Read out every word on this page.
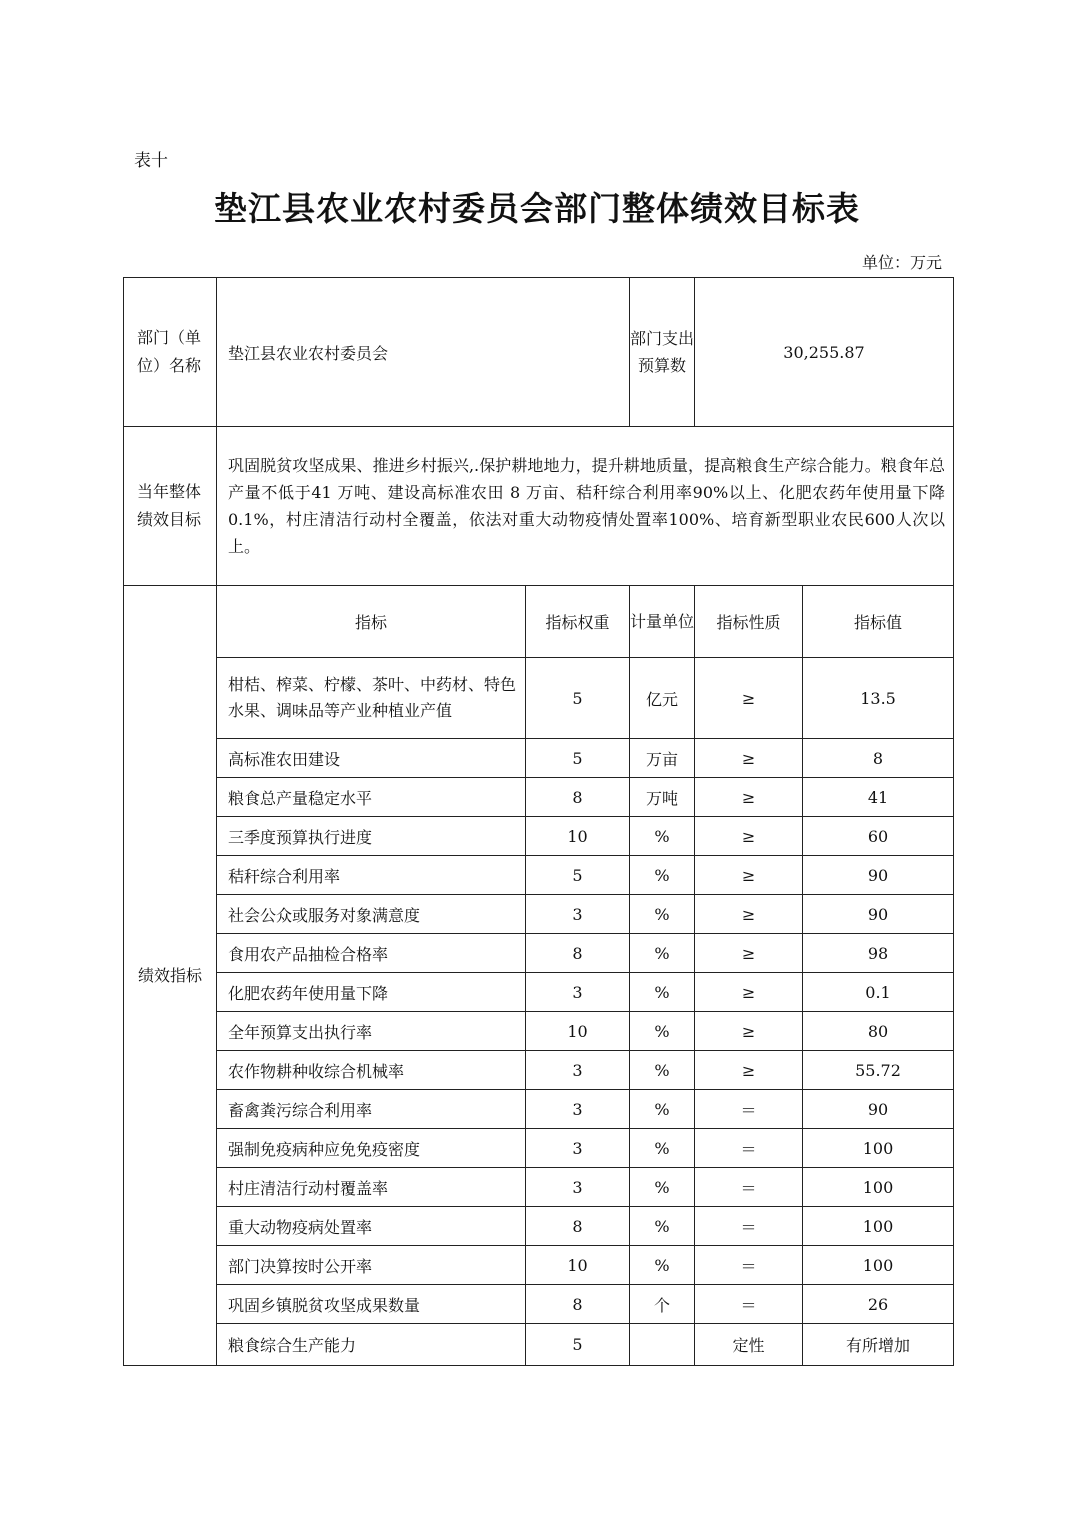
表十
垫江县农业农村委员会部门整体绩效目标表
单位：万元
部门（单位）名称	垫江县农业农村委员会		部门支出预算数	30,255.87	
当年整体绩效目标	巩固脱贫攻坚成果、推进乡村振兴,.保护耕地地力，提升耕地质量，提高粮食生产综合能力。粮食年总产量不低于41 万吨、建设高标准农田 8 万亩、秸秆综合利用率90%以上、化肥农药年使用量下降0.1%，村庄清洁行动村全覆盖，依法对重大动物疫情处置率100%、培育新型职业农民600人次以上。				
绩效指标	指标	指标权重	计量单位	指标性质	指标值
	柑桔、榨菜、柠檬、茶叶、中药材、特色水果、调味品等产业种植业产值	5	亿元	≥	13.5
	高标准农田建设	5	万亩	≥	8
	粮食总产量稳定水平	8	万吨	≥	41
	三季度预算执行进度	10	%	≥	60
	秸秆综合利用率	5	%	≥	90
	社会公众或服务对象满意度	3	%	≥	90
	食用农产品抽检合格率	8	%	≥	98
	化肥农药年使用量下降	3	%	≥	0.1
	全年预算支出执行率	10	%	≥	80
	农作物耕种收综合机械率	3	%	≥	55.72
	畜禽粪污综合利用率	3	%	＝	90
	强制免疫病种应免免疫密度	3	%	＝	100
	村庄清洁行动村覆盖率	3	%	＝	100
	重大动物疫病处置率	8	%	＝	100
	部门决算按时公开率	10	%	＝	100
	巩固乡镇脱贫攻坚成果数量	8	个	＝	26
	粮食综合生产能力	5		定性	有所增加
